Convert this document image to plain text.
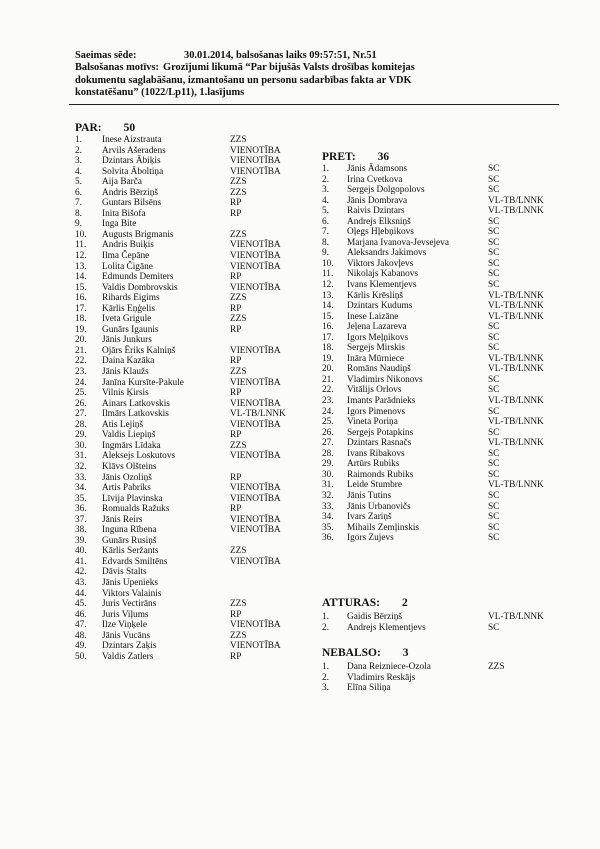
Saeimas sēde:	30.01.2014, balsošanas laiks 09:57:51, Nr.51
Balsošanas motīvs: Grozījumi likumā “Par bijušās Valsts drošības komitejas
dokumentu saglabāšanu, izmantošanu un personu sadarbības fakta ar VDK
konstatēšanu” (1022/Lp11), 1.lasījums
PAR: 50
1. Inese Aizstrauta	ZZS
2. Arvils Ašeradens	VIENOTĪBA
3. Dzintars Ābiķis	VIENOTĪBA
4. Solvita Āboltiņa	VIENOTĪBA
5. Aija Barča	ZZS
6. Andris Bērziņš	ZZS
7. Guntars Bilsēns	RP
8. Inita Bišofa	RP
9. Inga Bite
10. Augusts Brigmanis	ZZS
11. Andris Buiķis	VIENOTĪBA
12. Ilma Čepāne	VIENOTĪBA
13. Lolita Čigāne	VIENOTĪBA
14. Edmunds Demiters	RP
15. Valdis Dombrovskis	VIENOTĪBA
16. Rihards Eigims	ZZS
17. Kārlis Eņģelis	RP
18. Iveta Grigule	ZZS
19. Gunārs Igaunis	RP
20. Jānis Junkurs
21. Ojārs Ēriks Kalniņš	VIENOTĪBA
22. Daina Kazāka	RP
23. Jānis Klaužs	ZZS
24. Janīna Kursīte-Pakule	VIENOTĪBA
25. Vilnis Ķirsis	RP
26. Ainars Latkovskis	VIENOTĪBA
27. Ilmārs Latkovskis	VL-TB/LNNK
28. Atis Lejiņš	VIENOTĪBA
29. Valdis Liepiņš	RP
30. Ingmārs Līdaka	ZZS
31. Aleksejs Loskutovs	VIENOTĪBA
32. Klāvs Olšteins
33. Jānis Ozoliņš	RP
34. Artis Pabriks	VIENOTĪBA
35. Līvija Plavinska	VIENOTĪBA
36. Romualds Ražuks	RP
37. Jānis Reirs	VIENOTĪBA
38. Inguna Rībena	VIENOTĪBA
39. Gunārs Rusiņš
40. Kārlis Seržants	ZZS
41. Edvards Smiltēns	VIENOTĪBA
42. Dāvis Stalts
43. Jānis Upenieks
44. Viktors Valainis
45. Juris Vectirāns	ZZS
46. Juris Viļums	RP
47. Ilze Viņķele	VIENOTĪBA
48. Jānis Vucāns	ZZS
49. Dzintars Zaķis	VIENOTĪBA
50. Valdis Zatlers	RP
PRET: 36
1. Jānis Ādamsons	SC
2. Irina Cvetkova	SC
3. Sergejs Dolgopolovs	SC
4. Jānis Dombrava	VL-TB/LNNK
5. Raivis Dzintars	VL-TB/LNNK
6. Andrejs Elksniņš	SC
7. Oļegs Hļebņikovs	SC
8. Marjana Ivanova-Jevsejeva	SC
9. Aleksandrs Jakimovs	SC
10. Viktors Jakovļevs	SC
11. Nikolajs Kabanovs	SC
12. Ivans Klementjevs	SC
13. Kārlis Krēsliņš	VL-TB/LNNK
14. Dzintars Kudums	VL-TB/LNNK
15. Inese Laizāne	VL-TB/LNNK
16. Jeļena Lazareva	SC
17. Igors Meļņikovs	SC
18. Sergejs Mirskis	SC
19. Ināra Mūrniece	VL-TB/LNNK
20. Romāns Naudiņš	VL-TB/LNNK
21. Vladimirs Nikonovs	SC
22. Vitālijs Orlovs	SC
23. Imants Parādnieks	VL-TB/LNNK
24. Igors Pimenovs	SC
25. Vineta Poriņa	VL-TB/LNNK
26. Sergejs Potapkins	SC
27. Dzintars Rasnačs	VL-TB/LNNK
28. Ivans Ribakovs	SC
29. Artūrs Rubiks	SC
30. Raimonds Rubiks	SC
31. Leide Stumbre	VL-TB/LNNK
32. Jānis Tutins	SC
33. Jānis Urbanovičs	SC
34. Ivars Zariņš	SC
35. Mihails Zemļinskis	SC
36. Igors Zujevs	SC
ATTURAS: 2
1. Gaidis Bērziņš	VL-TB/LNNK
2. Andrejs Klementjevs	SC
NEBALSO: 3
1. Dana Reizniece-Ozola	ZZS
2. Vladimirs Reskājs
3. Elīna Siliņa
